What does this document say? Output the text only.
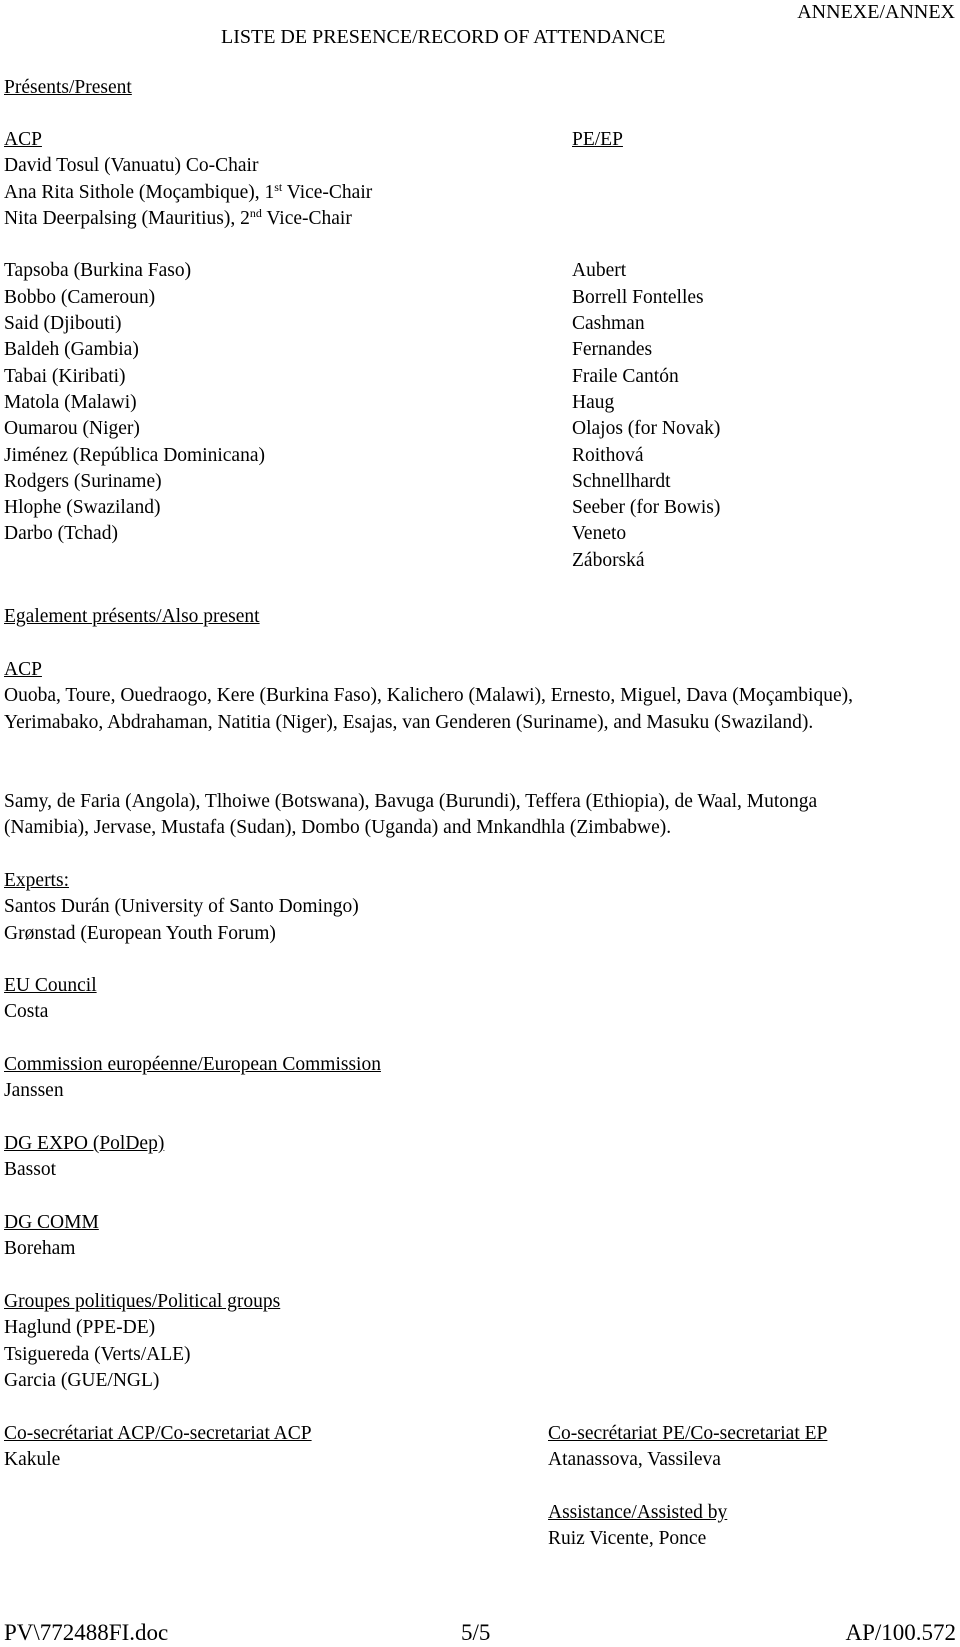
ANNEXE/ANNEX
LISTE DE PRESENCE/RECORD OF ATTENDANCE
Présents/Present
ACP
David Tosul (Vanuatu) Co-Chair
Ana Rita Sithole (Moçambique), 1st Vice-Chair
Nita Deerpalsing (Mauritius), 2nd Vice-Chair
Tapsoba (Burkina Faso)
Bobbo (Cameroun)
Said (Djibouti)
Baldeh (Gambia)
Tabai (Kiribati)
Matola (Malawi)
Oumarou (Niger)
Jiménez (República Dominicana)
Rodgers (Suriname)
Hlophe (Swaziland)
Darbo (Tchad)
PE/EP
Aubert
Borrell Fontelles
Cashman
Fernandes
Fraile Cantón
Haug
Olajos (for Novak)
Roithová
Schnellhardt
Seeber (for Bowis)
Veneto
Záborská
Egalement présents/Also present
ACP
Ouoba, Toure, Ouedraogo, Kere (Burkina Faso), Kalichero (Malawi), Ernesto, Miguel, Dava (Moçambique), Yerimabako, Abdrahaman, Natitia (Niger), Esajas, van Genderen (Suriname), and Masuku (Swaziland).
Samy, de Faria (Angola), Tlhoiwe (Botswana), Bavuga (Burundi), Teffera (Ethiopia), de Waal, Mutonga (Namibia), Jervase, Mustafa (Sudan), Dombo (Uganda) and Mnkandhla (Zimbabwe).
Experts:
Santos Durán (University of Santo Domingo)
Grønstad (European Youth Forum)
EU Council
Costa
Commission européenne/European Commission
Janssen
DG EXPO (PolDep)
Bassot
DG COMM
Boreham
Groupes politiques/Political groups
Haglund (PPE-DE)
Tsiguereda (Verts/ALE)
Garcia (GUE/NGL)
Co-secrétariat ACP/Co-secretariat ACP
Kakule
Co-secrétariat PE/Co-secretariat EP
Atanassova, Vassileva
Assistance/Assisted by
Ruiz Vicente, Ponce
PV\772488FI.doc	5/5	AP/100.572
